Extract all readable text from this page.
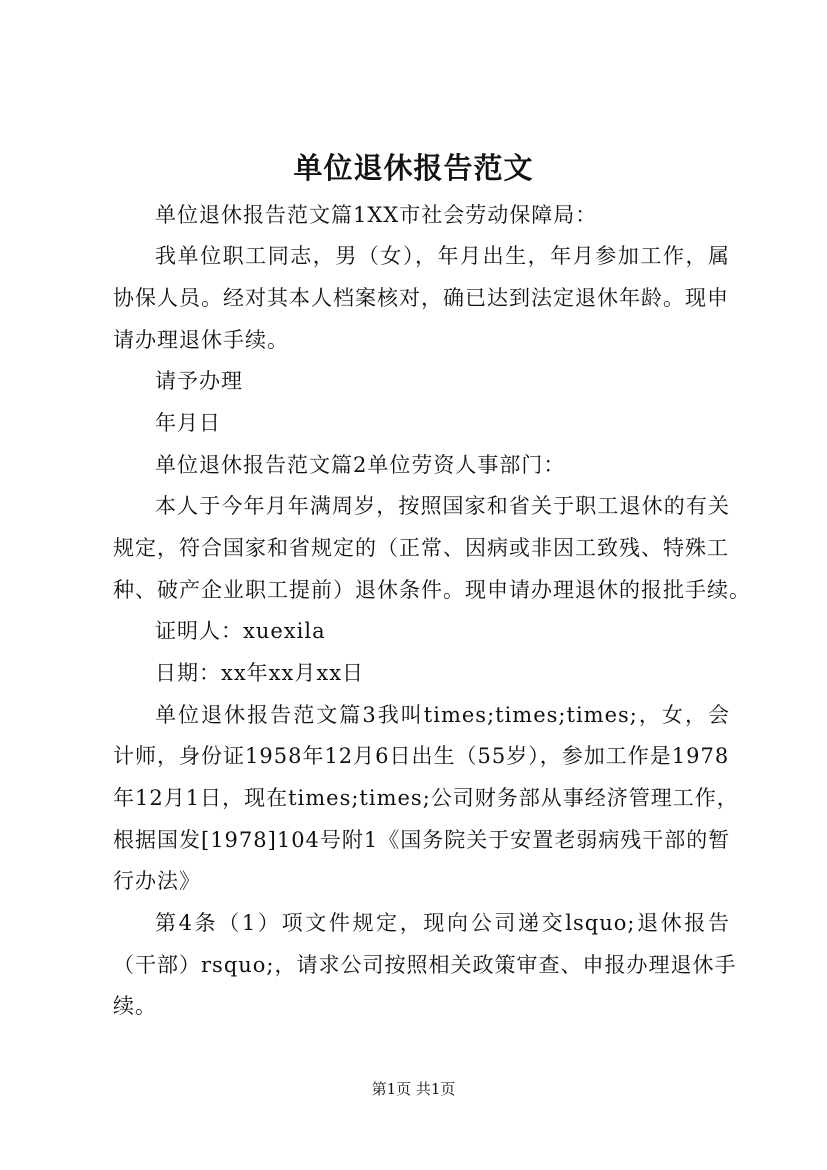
单位退休报告范文
单位退休报告范文篇1XX市社会劳动保障局：
我单位职工同志，男（女），年月出生，年月参加工作，属
协保人员。经对其本人档案核对，确已达到法定退休年龄。现申
请办理退休手续。
请予办理
年月日
单位退休报告范文篇2单位劳资人事部门：
本人于今年月年满周岁，按照国家和省关于职工退休的有关
规定，符合国家和省规定的（正常、因病或非因工致残、特殊工
种、破产企业职工提前）退休条件。现申请办理退休的报批手续。
证明人：xuexila
日期：xx年xx月xx日
单位退休报告范文篇3我叫times;times;times;，女，会
计师，身份证1958年12月6日出生（55岁），参加工作是1978
年12月1日，现在times;times;公司财务部从事经济管理工作，
根据国发[1978]104号附1《国务院关于安置老弱病残干部的暂
行办法》
第4条（1）项文件规定，现向公司递交lsquo;退休报告
（干部）rsquo;，请求公司按照相关政策审查、申报办理退休手
续。
第1页 共1页
